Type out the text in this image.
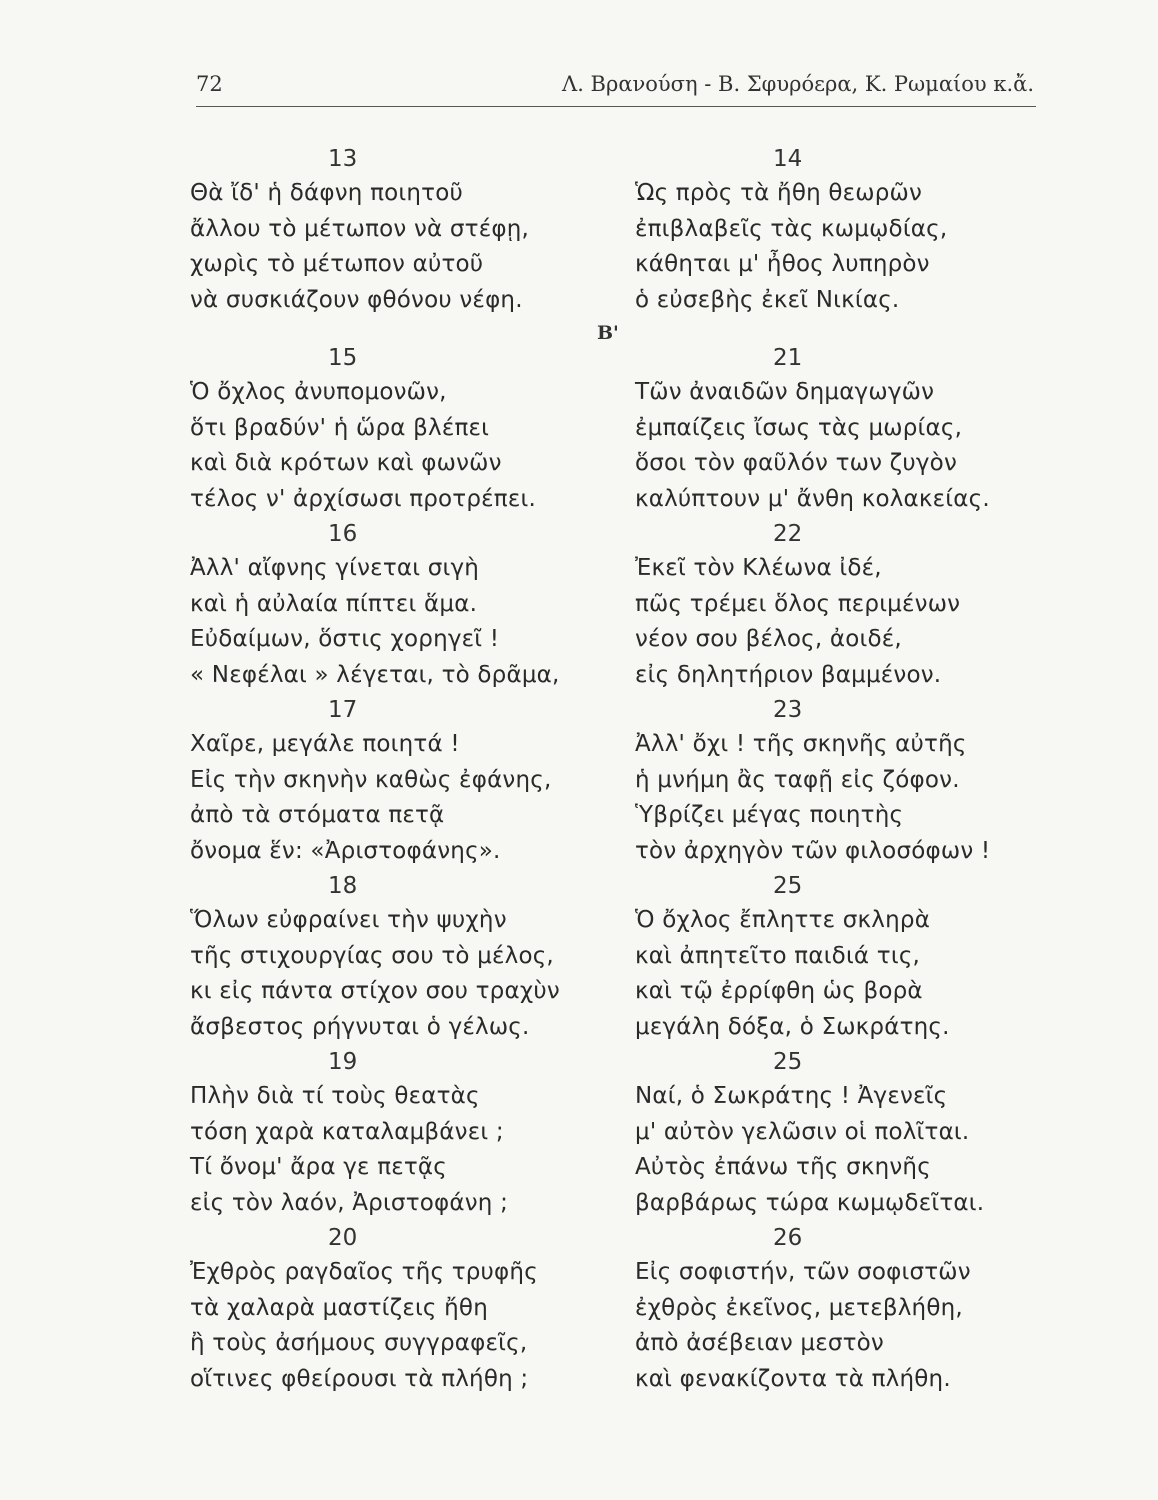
72	Λ. Βρανούση - Β. Σφυρόερα, Κ. Ρωμαίου κ.ἄ.
Β'
13
Θὰ ἴδ' ἡ δάφνη ποιητοῦ
ἄλλου τὸ μέτωπον νὰ στέφῃ,
χωρὶς τὸ μέτωπον αὐτοῦ
νὰ συσκιάζουν φθόνου νέφη.
15
Ὁ ὄχλος ἀνυπομονῶν,
ὅτι βραδύν' ἡ ὥρα βλέπει
καὶ διὰ κρότων καὶ φωνῶν
τέλος ν' ἀρχίσωσι προτρέπει.
16
Ἀλλ' αἴφνης γίνεται σιγὴ
καὶ ἡ αὐλαία πίπτει ἅμα.
Εὐδαίμων, ὅστις χορηγεῖ !
« Νεφέλαι » λέγεται, τὸ δρᾶμα,
17
Χαῖρε, μεγάλε ποιητά !
Εἰς τὴν σκηνὴν καθὼς ἐφάνης,
ἀπὸ τὰ στόματα πετᾷ
ὄνομα ἕν: «Ἀριστοφάνης».
18
Ὅλων εὐφραίνει τὴν ψυχὴν
τῆς στιχουργίας σου τὸ μέλος,
κι εἰς πάντα στίχον σου τραχὺν
ἄσβεστος ρήγνυται ὁ γέλως.
19
Πλὴν διὰ τί τοὺς θεατὰς
τόση χαρὰ καταλαμβάνει ;
Τί ὄνομ' ἄρα γε πετᾷς
εἰς τὸν λαόν, Ἀριστοφάνη ;
20
Ἐχθρὸς ραγδαῖος τῆς τρυφῆς
τὰ χαλαρὰ μαστίζεις ἤθη
ἢ τοὺς ἀσήμους συγγραφεῖς,
οἵτινες φθείρουσι τὰ πλήθη ;
14
Ὡς πρὸς τὰ ἤθη θεωρῶν
ἐπιβλαβεῖς τὰς κωμῳδίας,
κάθηται μ' ἦθος λυπηρὸν
ὁ εὐσεβὴς ἐκεῖ Νικίας.
21
Τῶν ἀναιδῶν δημαγωγῶν
ἐμπαίζεις ἴσως τὰς μωρίας,
ὅσοι τὸν φαῦλόν των ζυγὸν
καλύπτουν μ' ἄνθη κολακείας.
22
Ἐκεῖ τὸν Κλέωνα ἰδέ,
πῶς τρέμει ὅλος περιμένων
νέον σου βέλος, ἀοιδέ,
εἰς δηλητήριον βαμμένον.
23
Ἀλλ' ὄχι ! τῆς σκηνῆς αὐτῆς
ἡ μνήμη ἂς ταφῇ εἰς ζόφον.
Ὑβρίζει μέγας ποιητὴς
τὸν ἀρχηγὸν τῶν φιλοσόφων !
25
Ὁ ὄχλος ἔπληττε σκληρὰ
καὶ ἀπητεῖτο παιδιά τις,
καὶ τῷ ἐρρίφθη ὡς βορὰ
μεγάλη δόξα, ὁ Σωκράτης.
25
Ναί, ὁ Σωκράτης ! Ἀγενεῖς
μ' αὐτὸν γελῶσιν οἱ πολῖται.
Αὐτὸς ἐπάνω τῆς σκηνῆς
βαρβάρως τώρα κωμῳδεῖται.
26
Εἰς σοφιστήν, τῶν σοφιστῶν
ἐχθρὸς ἐκεῖνος, μετεβλήθη,
ἀπὸ ἀσέβειαν μεστὸν
καὶ φενακίζοντα τὰ πλήθη.
